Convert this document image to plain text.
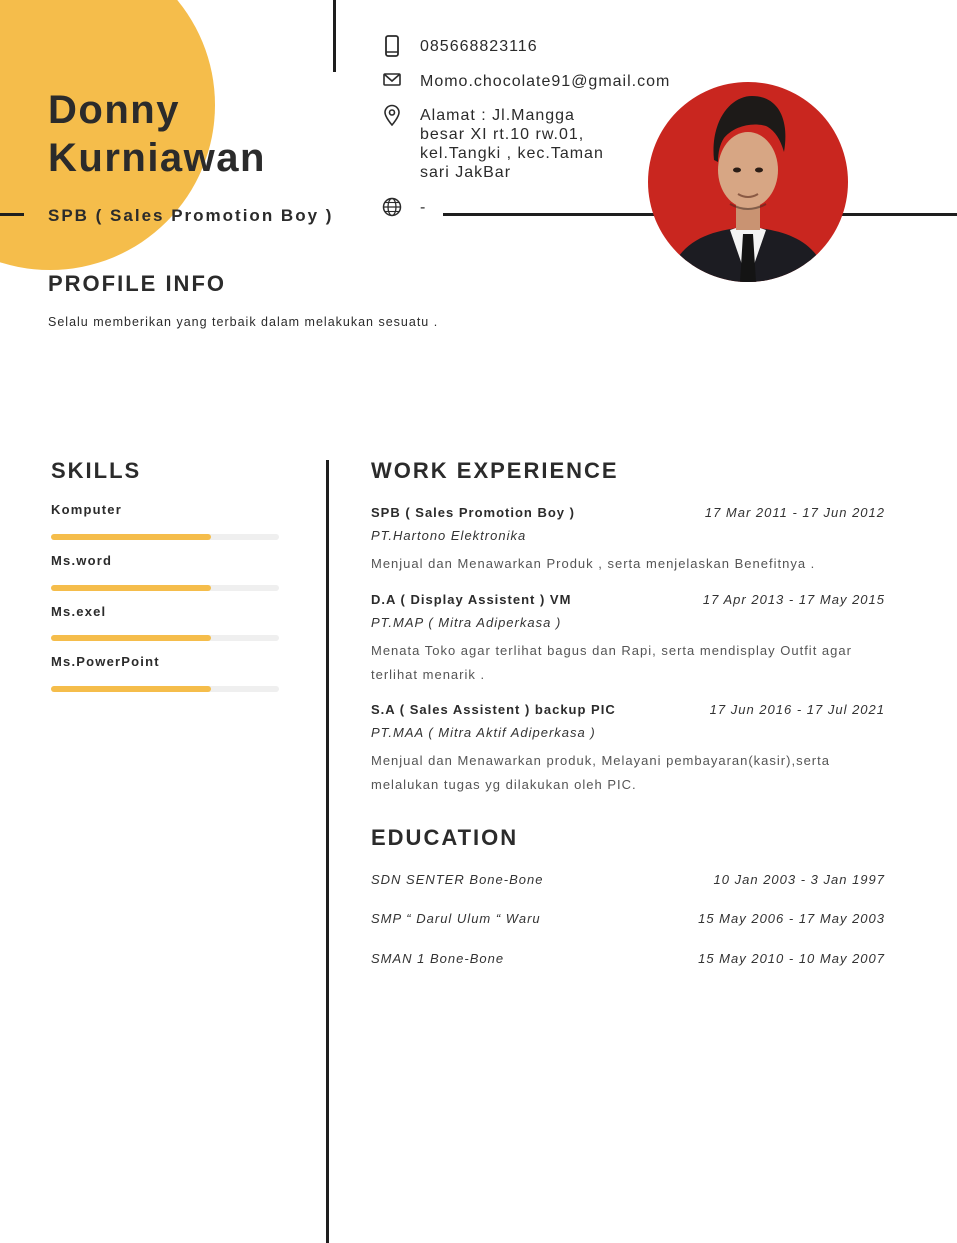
Donny
Kurniawan
SPB ( Sales Promotion Boy )
085668823116
Momo.chocolate91@gmail.com
Alamat : Jl.Mangga
besar XI rt.10 rw.01,
kel.Tangki , kec.Taman
sari JakBar
-
PROFILE INFO
Selalu memberikan yang terbaik dalam melakukan sesuatu .
SKILLS
Komputer
Ms.word
Ms.exel
Ms.PowerPoint
WORK EXPERIENCE
SPB ( Sales Promotion Boy )	17 Mar 2011 - 17 Jun 2012
PT.Hartono Elektronika
Menjual dan Menawarkan Produk , serta menjelaskan Benefitnya .
D.A ( Display Assistent ) VM	17 Apr 2013 - 17 May 2015
PT.MAP ( Mitra Adiperkasa )
Menata Toko agar terlihat bagus dan Rapi, serta mendisplay Outfit agar terlihat menarik .
S.A ( Sales Assistent ) backup PIC	17 Jun 2016 - 17 Jul 2021
PT.MAA ( Mitra Aktif Adiperkasa )
Menjual dan Menawarkan produk, Melayani pembayaran(kasir),serta melalukan tugas yg dilakukan oleh PIC.
EDUCATION
SDN SENTER Bone-Bone	10 Jan 2003 - 3 Jan 1997
SMP “ Darul Ulum “ Waru	15 May 2006 - 17 May 2003
SMAN 1 Bone-Bone	15 May 2010 - 10 May 2007
